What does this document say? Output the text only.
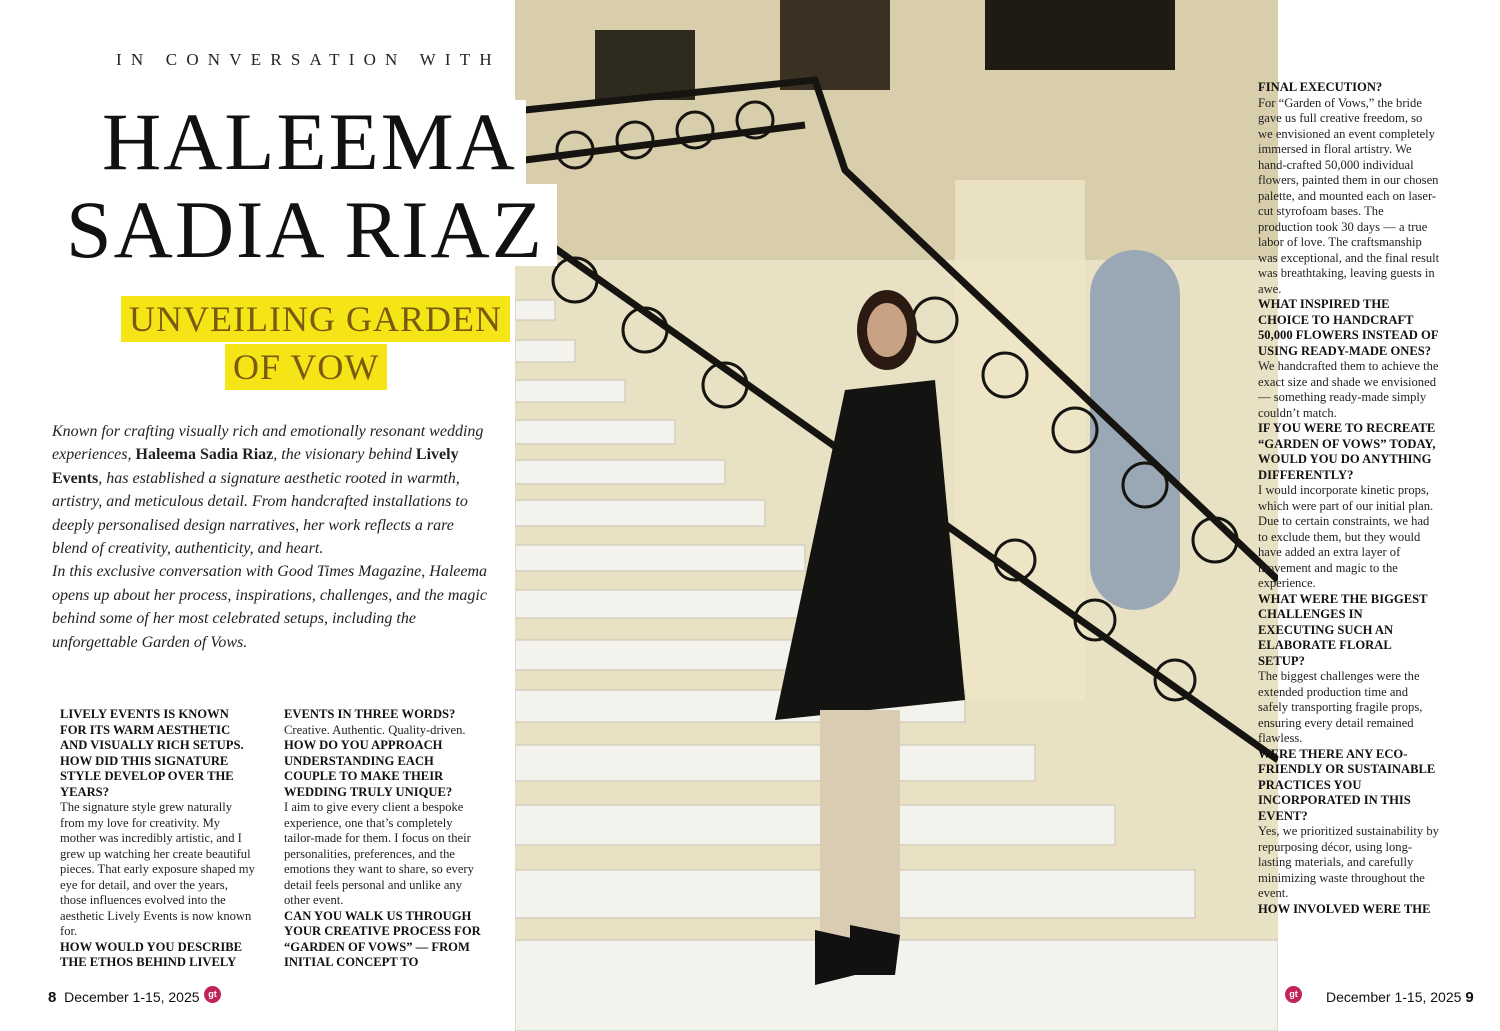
IN CONVERSATION WITH
HALEEMA
SADIA RIAZ
UNVEILING GARDEN
OF VOW

Known for crafting visually rich and emotionally resonant wedding experiences, Haleema Sadia Riaz, the visionary behind Lively Events, has established a signature aesthetic rooted in warmth, artistry, and meticulous detail. From handcrafted installations to deeply personalised design narratives, her work reflects a rare blend of creativity, authenticity, and heart.
In this exclusive conversation with Good Times Magazine, Haleema opens up about her process, inspirations, challenges, and the magic behind some of her most celebrated setups, including the unforgettable Garden of Vows.

LIVELY EVENTS IS KNOWN FOR ITS WARM AESTHETIC AND VISUALLY RICH SETUPS. HOW DID THIS SIGNATURE STYLE DEVELOP OVER THE YEARS?
The signature style grew naturally from my love for creativity. My mother was incredibly artistic, and I grew up watching her create beautiful pieces. That early exposure shaped my eye for detail, and over the years, those influences evolved into the aesthetic Lively Events is now known for.
HOW WOULD YOU DESCRIBE THE ETHOS BEHIND LIVELY
EVENTS IN THREE WORDS?
Creative. Authentic. Quality-driven.
HOW DO YOU APPROACH UNDERSTANDING EACH COUPLE TO MAKE THEIR WEDDING TRULY UNIQUE?
I aim to give every client a bespoke experience, one that’s completely tailor-made for them. I focus on their personalities, preferences, and the emotions they want to share, so every detail feels personal and unlike any other event.
CAN YOU WALK US THROUGH YOUR CREATIVE PROCESS FOR “GARDEN OF VOWS” — FROM INITIAL CONCEPT TO
FINAL EXECUTION?
For “Garden of Vows,” the bride gave us full creative freedom, so we envisioned an event completely immersed in floral artistry. We hand-crafted 50,000 individual flowers, painted them in our chosen palette, and mounted each on laser-cut styrofoam bases. The production took 30 days — a true labor of love. The craftsmanship was exceptional, and the final result was breathtaking, leaving guests in awe.
WHAT INSPIRED THE CHOICE TO HANDCRAFT 50,000 FLOWERS INSTEAD OF USING READY-MADE ONES?
We handcrafted them to achieve the exact size and shade we envisioned — something ready-made simply couldn’t match.
IF YOU WERE TO RECREATE “GARDEN OF VOWS” TODAY, WOULD YOU DO ANYTHING DIFFERENTLY?
I would incorporate kinetic props, which were part of our initial plan. Due to certain constraints, we had to exclude them, but they would have added an extra layer of movement and magic to the experience.
WHAT WERE THE BIGGEST CHALLENGES IN EXECUTING SUCH AN ELABORATE FLORAL SETUP?
The biggest challenges were the extended production time and safely transporting fragile props, ensuring every detail remained flawless.
WERE THERE ANY ECO-FRIENDLY OR SUSTAINABLE PRACTICES YOU INCORPORATED IN THIS EVENT?
Yes, we prioritized sustainability by repurposing décor, using long-lasting materials, and carefully minimizing waste throughout the event.
HOW INVOLVED WERE THE
8 December 1-15, 2025 gt	gt	December 1-15, 2025 9
